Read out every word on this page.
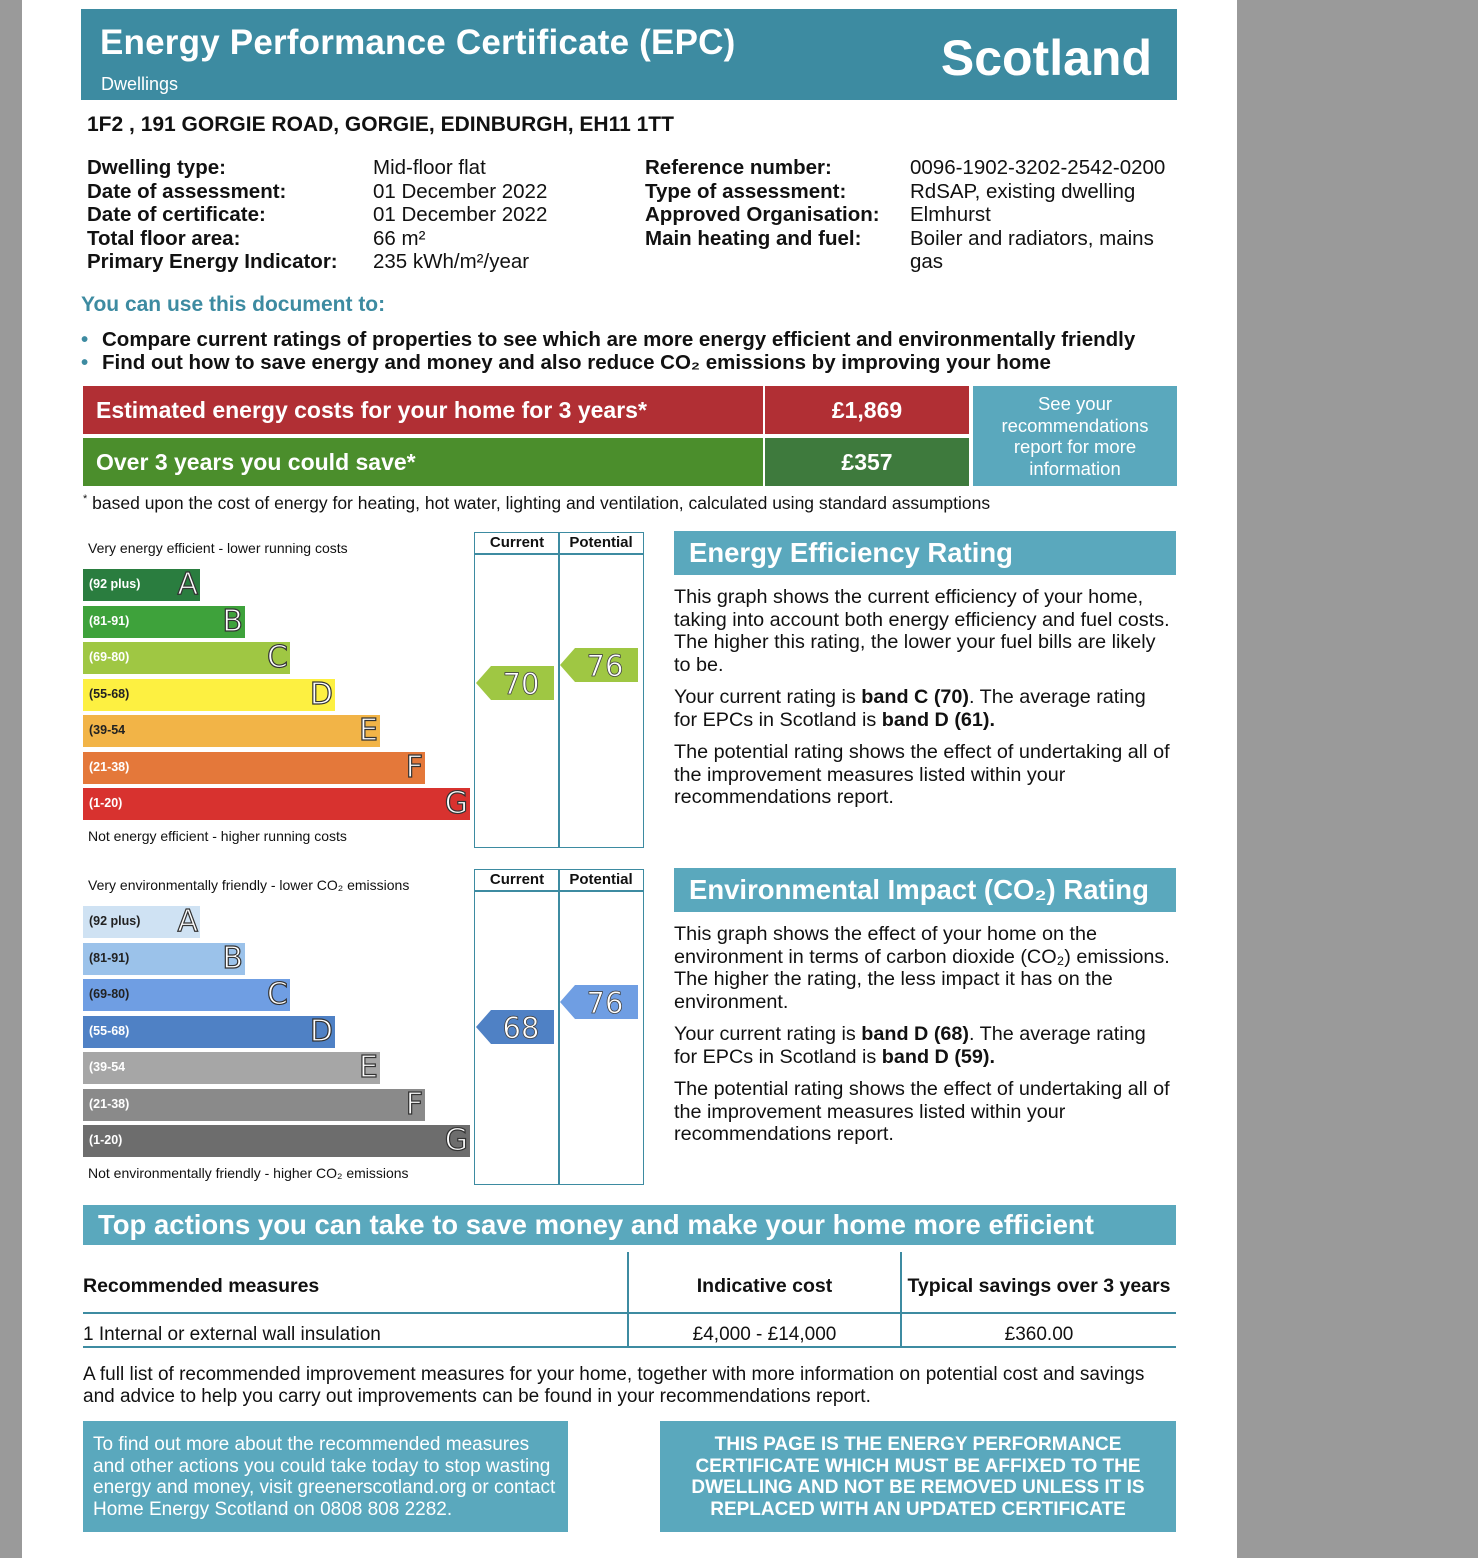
Energy Performance Certificate (EPC)
Dwellings	Scotland
1F2 , 191 GORGIE ROAD, GORGIE, EDINBURGH, EH11 1TT
Dwelling type:	Mid-floor flat
Date of assessment:	01 December 2022
Date of certificate:	01 December 2022
Total floor area:	66 m²
Primary Energy Indicator:	235 kWh/m²/year
Reference number:	0096-1902-3202-2542-0200
Type of assessment:	RdSAP, existing dwelling
Approved Organisation:	Elmhurst
Main heating and fuel:	Boiler and radiators, mains gas
You can use this document to:
• Compare current ratings of properties to see which are more energy efficient and environmentally friendly
• Find out how to save energy and money and also reduce CO₂ emissions by improving your home
Estimated energy costs for your home for 3 years*	£1,869
Over 3 years you could save*	£357
See your recommendations report for more information
* based upon the cost of energy for heating, hot water, lighting and ventilation, calculated using standard assumptions
Very energy efficient - lower running costs
Not energy efficient - higher running costs
Current	Potential
(92 plus) A
(81-91)	B
(69-80)	C
(55-68)	D
(39-54	E
(21-38)	F
(1-20)	G
70
76
Very environmentally friendly - lower CO₂ emissions
Not environmentally friendly - higher CO₂ emissions
Current	Potential
(92 plus) A
(81-91)	B
(69-80)	C
(55-68)	D
(39-54	E
(21-38)	F
(1-20)	G
68
76
Energy Efficiency Rating

This graph shows the current efficiency of your home, taking into account both energy efficiency and fuel costs. The higher this rating, the lower your fuel bills are likely to be.

Your current rating is band C (70). The average rating for EPCs in Scotland is band D (61).

The potential rating shows the effect of undertaking all of the improvement measures listed within your recommendations report.

Environmental Impact (CO₂) Rating

This graph shows the effect of your home on the environment in terms of carbon dioxide (CO₂) emissions. The higher the rating, the less impact it has on the environment.

Your current rating is band D (68). The average rating for EPCs in Scotland is band D (59).

The potential rating shows the effect of undertaking all of the improvement measures listed within your recommendations report.

Top actions you can take to save money and make your home more efficient
Recommended measures	Indicative cost	Typical savings over 3 years
1 Internal or external wall insulation	£4,000 - £14,000	£360.00
A full list of recommended improvement measures for your home, together with more information on potential cost and savings and advice to help you carry out improvements can be found in your recommendations report.
To find out more about the recommended measures and other actions you could take today to stop wasting energy and money, visit greenerscotland.org or contact Home Energy Scotland on 0808 808 2282.
THIS PAGE IS THE ENERGY PERFORMANCE CERTIFICATE WHICH MUST BE AFFIXED TO THE DWELLING AND NOT BE REMOVED UNLESS IT IS REPLACED WITH AN UPDATED CERTIFICATE
